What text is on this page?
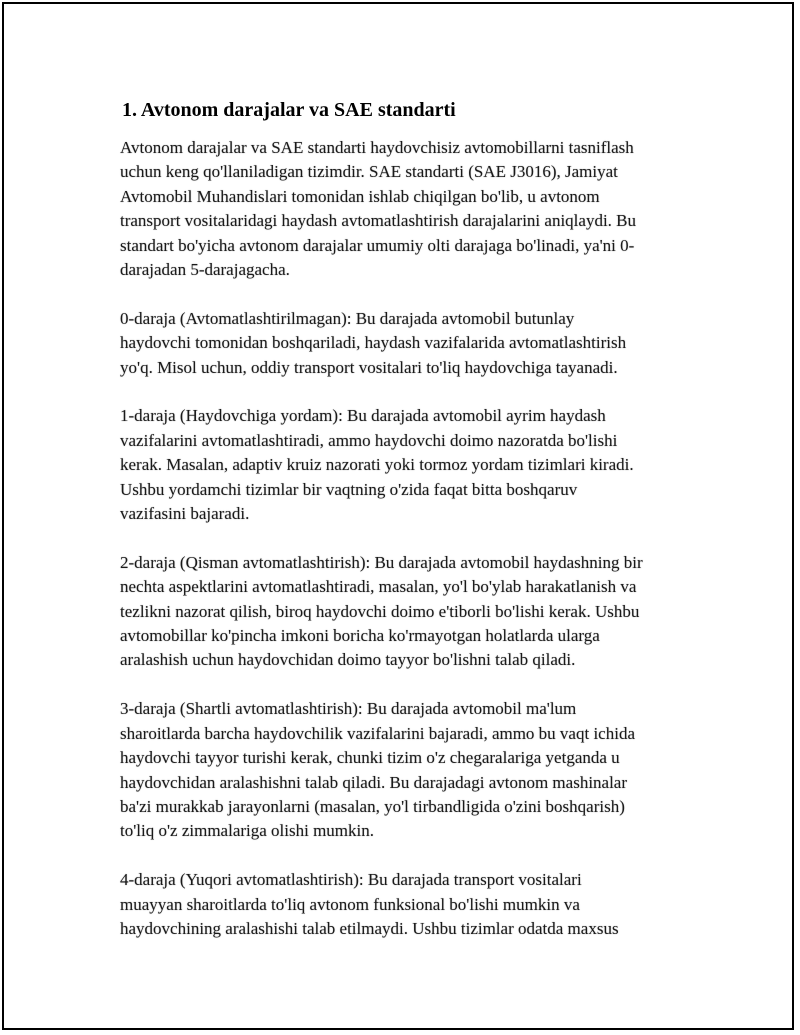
1. Avtonom darajalar va SAE standarti

Avtonom darajalar va SAE standarti haydovchisiz avtomobillarni tasniflash
uchun keng qo'llaniladigan tizimdir. SAE standarti (SAE J3016), Jamiyat
Avtomobil Muhandislari tomonidan ishlab chiqilgan bo'lib, u avtonom
transport vositalaridagi haydash avtomatlashtirish darajalarini aniqlaydi. Bu
standart bo'yicha avtonom darajalar umumiy olti darajaga bo'linadi, ya'ni 0-
darajadan 5-darajagacha.

0-daraja (Avtomatlashtirilmagan): Bu darajada avtomobil butunlay
haydovchi tomonidan boshqariladi, haydash vazifalarida avtomatlashtirish
yo'q. Misol uchun, oddiy transport vositalari to'liq haydovchiga tayanadi.

1-daraja (Haydovchiga yordam): Bu darajada avtomobil ayrim haydash
vazifalarini avtomatlashtiradi, ammo haydovchi doimo nazoratda bo'lishi
kerak. Masalan, adaptiv kruiz nazorati yoki tormoz yordam tizimlari kiradi.
Ushbu yordamchi tizimlar bir vaqtning o'zida faqat bitta boshqaruv
vazifasini bajaradi.

2-daraja (Qisman avtomatlashtirish): Bu darajada avtomobil haydashning bir
nechta aspektlarini avtomatlashtiradi, masalan, yo'l bo'ylab harakatlanish va
tezlikni nazorat qilish, biroq haydovchi doimo e'tiborli bo'lishi kerak. Ushbu
avtomobillar ko'pincha imkoni boricha ko'rmayotgan holatlarda ularga
aralashish uchun haydovchidan doimo tayyor bo'lishni talab qiladi.

3-daraja (Shartli avtomatlashtirish): Bu darajada avtomobil ma'lum
sharoitlarda barcha haydovchilik vazifalarini bajaradi, ammo bu vaqt ichida
haydovchi tayyor turishi kerak, chunki tizim o'z chegaralariga yetganda u
haydovchidan aralashishni talab qiladi. Bu darajadagi avtonom mashinalar
ba'zi murakkab jarayonlarni (masalan, yo'l tirbandligida o'zini boshqarish)
to'liq o'z zimmalariga olishi mumkin.

4-daraja (Yuqori avtomatlashtirish): Bu darajada transport vositalari
muayyan sharoitlarda to'liq avtonom funksional bo'lishi mumkin va
haydovchining aralashishi talab etilmaydi. Ushbu tizimlar odatda maxsus
